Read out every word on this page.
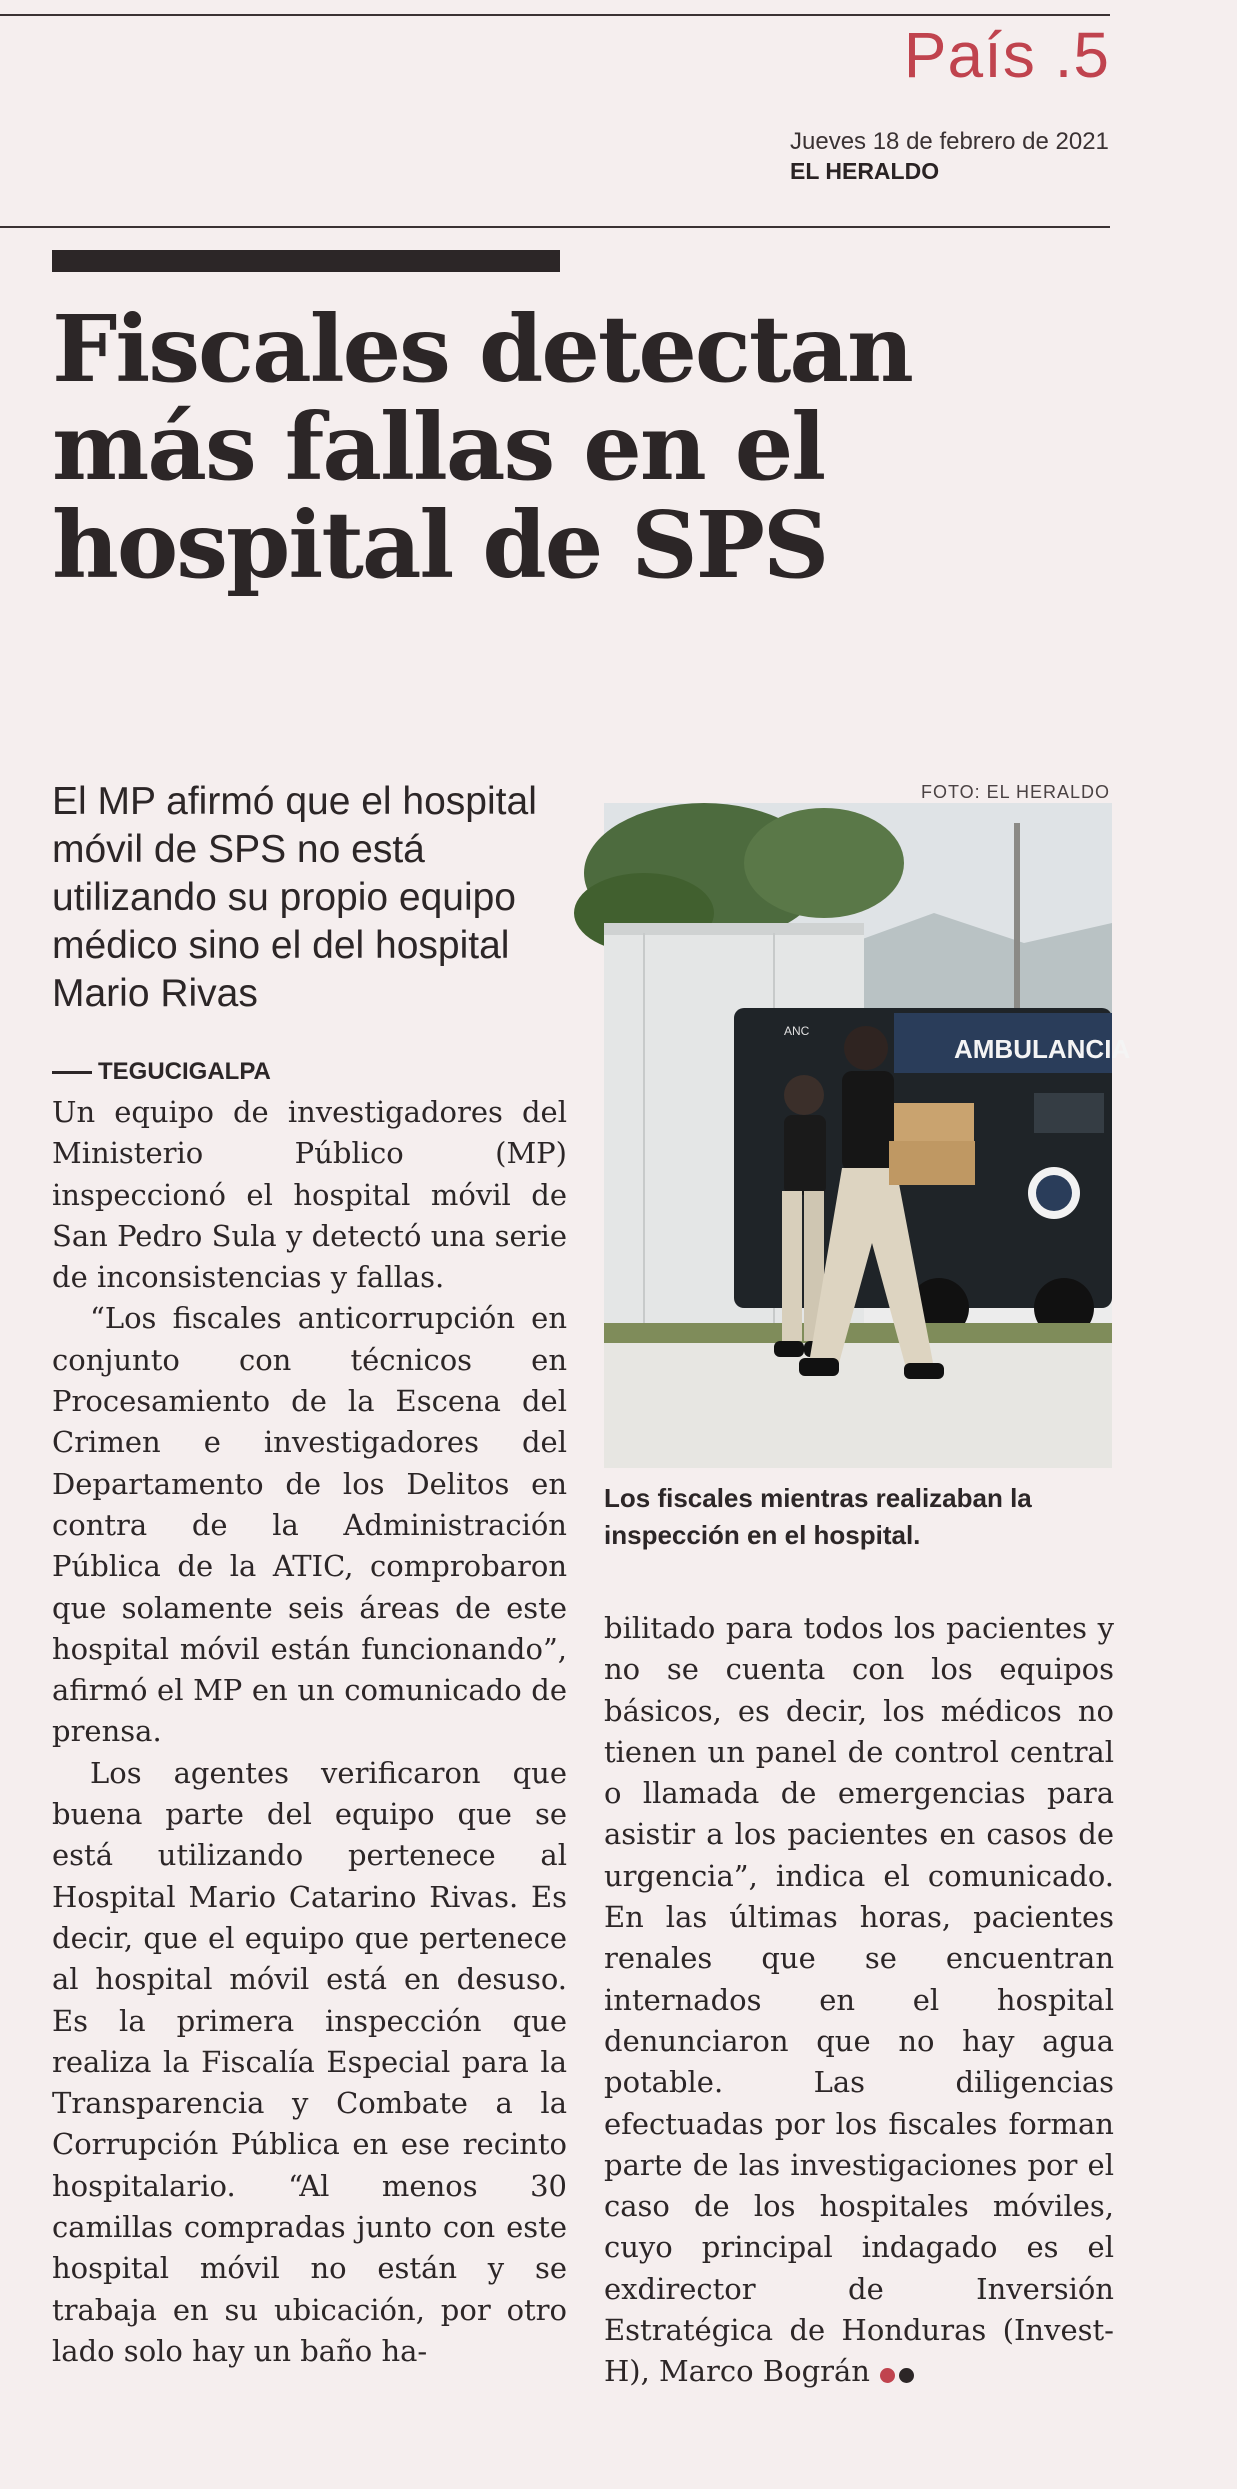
País .5
Jueves 18 de febrero de 2021
EL HERALDO
Fiscales detectan
más fallas en el
hospital de SPS
El MP afirmó que el hospital móvil de SPS no está utilizando su propio equipo médico sino el del hospital Mario Rivas
TEGUCIGALPA

Un equipo de investigadores del Ministerio Público (MP) inspeccionó el hospital móvil de San Pedro Sula y detectó una serie de inconsistencias y fallas.

“Los fiscales anticorrupción en conjunto con técnicos en Procesamiento de la Escena del Crimen e investigadores del Departamento de los Delitos en contra de la Administración Pública de la ATIC, comprobaron que solamente seis áreas de este hospital móvil están funcionando”, afirmó el MP en un comunicado de prensa.

Los agentes verificaron que buena parte del equipo que se está utilizando pertenece al Hospital Mario Catarino Rivas. Es decir, que el equipo que pertenece al hospital móvil está en desuso. Es la primera inspección que realiza la Fiscalía Especial para la Transparencia y Combate a la Corrupción Pública en ese recinto hospitalario. “Al menos 30 camillas compradas junto con este hospital móvil no están y se trabaja en su ubicación, por otro lado solo hay un baño ha-

FOTO: EL HERALDO
AMBULANCIA
ANC
Los fiscales mientras realizaban la inspección en el hospital.

bilitado para todos los pacientes y no se cuenta con los equipos básicos, es decir, los médicos no tienen un panel de control central o llamada de emergencias para asistir a los pacientes en casos de urgencia”, indica el comunicado. En las últimas horas, pacientes renales que se encuentran internados en el hospital denunciaron que no hay agua potable. Las diligencias efectuadas por los fiscales forman parte de las investigaciones por el caso de los hospitales móviles, cuyo principal indagado es el exdirector de Inversión Estratégica de Honduras (Invest-H), Marco Bográn
